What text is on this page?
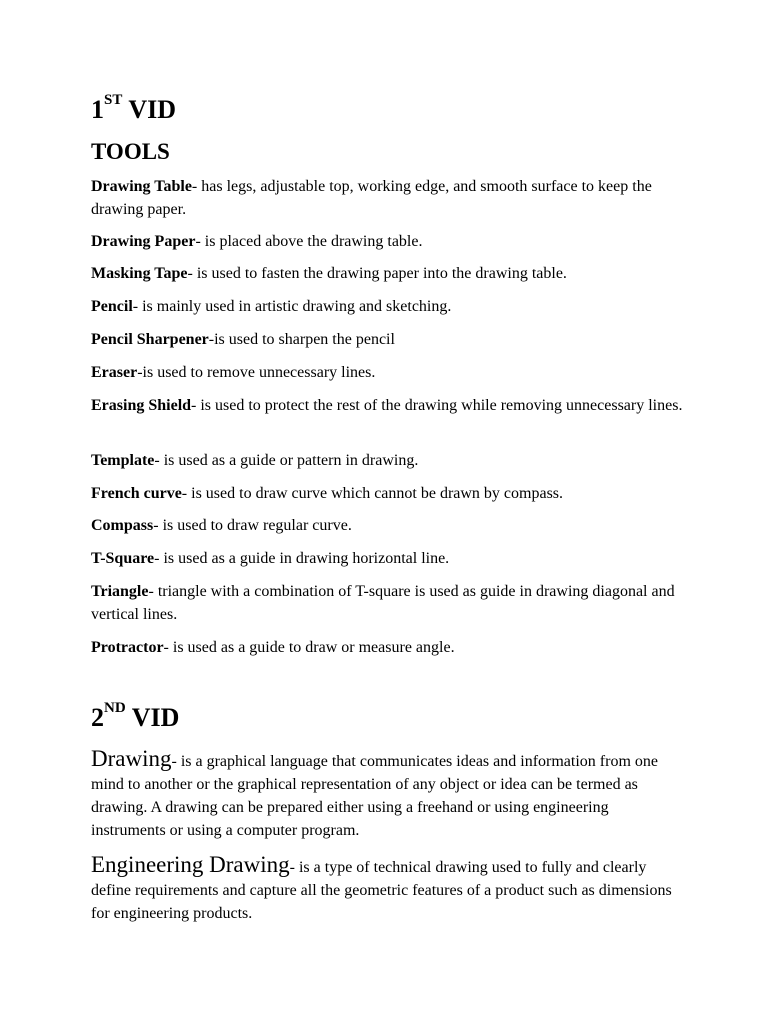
1ST VID
TOOLS
Drawing Table- has legs, adjustable top, working edge, and smooth surface to keep the drawing paper.
Drawing Paper- is placed above the drawing table.
Masking Tape- is used to fasten the drawing paper into the drawing table.
Pencil- is mainly used in artistic drawing and sketching.
Pencil Sharpener-is used to sharpen the pencil
Eraser-is used to remove unnecessary lines.
Erasing Shield- is used to protect the rest of the drawing while removing unnecessary lines.
Template- is used as a guide or pattern in drawing.
French curve- is used to draw curve which cannot be drawn by compass.
Compass- is used to draw regular curve.
T-Square- is used as a guide in drawing horizontal line.
Triangle- triangle with a combination of T-square is used as guide in drawing diagonal and vertical lines.
Protractor- is used as a guide to draw or measure angle.
2ND VID
Drawing- is a graphical language that communicates ideas and information from one mind to another or the graphical representation of any object or idea can be termed as drawing. A drawing can be prepared either using a freehand or using engineering instruments or using a computer program.
Engineering Drawing- is a type of technical drawing used to fully and clearly define requirements and capture all the geometric features of a product such as dimensions for engineering products.
